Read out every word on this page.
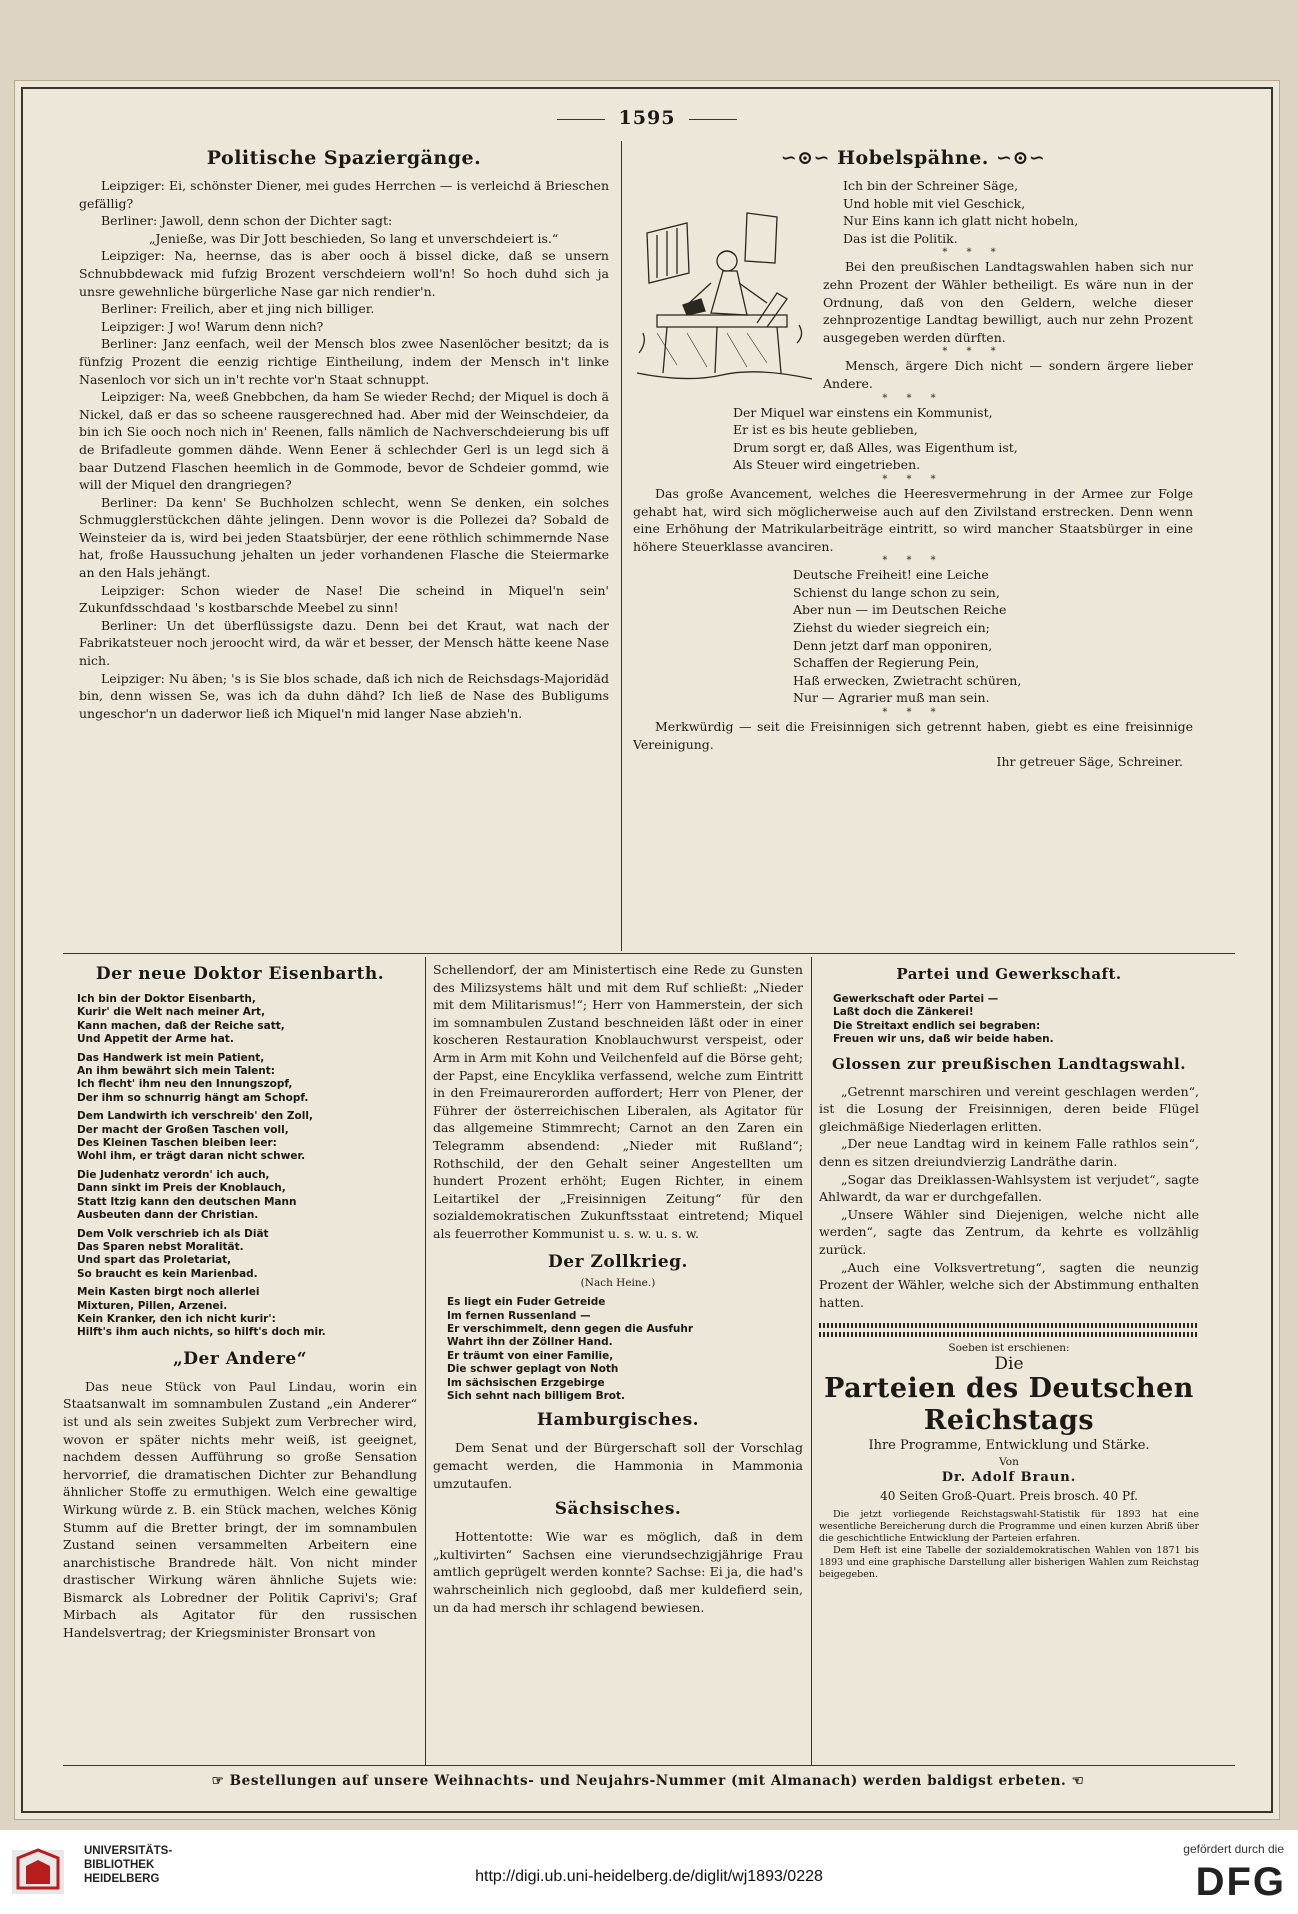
1595
Politische Spaziergänge.
Leipziger: Ei, schönster Diener, mei gudes Herrchen — is verleichd ä Brieschen gefällig?
Berliner: Jawoll, denn schon der Dichter sagt:
„Jenieße, was Dir Jott beschieden, So lang et unverschdeiert is.“
Leipziger: Na, heernse, das is aber ooch ä bissel dicke, daß se unsern Schnubbdewack mid fufzig Brozent verschdeiern woll'n! So hoch duhd sich ja unsre gewehnliche bürgerliche Nase gar nich rendier'n.
Berliner: Freilich, aber et jing nich billiger.
Leipziger: J wo! Warum denn nich?
Berliner: Janz eenfach, weil der Mensch blos zwee Nasenlöcher besitzt; da is fünfzig Prozent die eenzig richtige Eintheilung, indem der Mensch in't linke Nasenloch vor sich un in't rechte vor'n Staat schnuppt.
Leipziger: Na, weeß Gnebbchen, da ham Se wieder Rechd; der Miquel is doch ä Nickel, daß er das so scheene rausgerechned had. Aber mid der Weinschdeier, da bin ich Sie ooch noch nich in' Reenen, falls nämlich de Nachverschdeierung bis uff de Brifadleute gommen dähde. Wenn Eener ä schlechder Gerl is un legd sich ä baar Dutzend Flaschen heemlich in de Gommode, bevor de Schdeier gommd, wie will der Miquel den drangriegen?
Berliner: Da kenn' Se Buchholzen schlecht, wenn Se denken, ein solches Schmugglerstückchen dähte jelingen. Denn wovor is die Pollezei da? Sobald de Weinsteier da is, wird bei jeden Staatsbürjer, der eene röthlich schimmernde Nase hat, froße Haussuchung jehalten un jeder vorhandenen Flasche die Steiermarke an den Hals jehängt.
Leipziger: Schon wieder de Nase! Die scheind in Miquel'n sein' Zukunfdsschdaad 's kostbarschde Meebel zu sinn!
Berliner: Un det überflüssigste dazu. Denn bei det Kraut, wat nach der Fabrikatsteuer noch jeroocht wird, da wär et besser, der Mensch hätte keene Nase nich.
Leipziger: Nu äben; 's is Sie blos schade, daß ich nich de Reichsdags-Majoridäd bin, denn wissen Se, was ich da duhn dähd? Ich ließ de Nase des Bubligums ungeschor'n un daderwor ließ ich Miquel'n mid langer Nase abzieh'n.
∽⊙∽ Hobelspähne. ∽⊙∽
Ich bin der Schreiner Säge,
Und hoble mit viel Geschick,
Nur Eins kann ich glatt nicht hobeln,
Das ist die Politik.
* * *
Bei den preußischen Landtagswahlen haben sich nur zehn Prozent der Wähler betheiligt. Es wäre nun in der Ordnung, daß von den Geldern, welche dieser zehnprozentige Landtag bewilligt, auch nur zehn Prozent ausgegeben werden dürften.
* * *
Mensch, ärgere Dich nicht — sondern ärgere lieber Andere.
* * *
Der Miquel war einstens ein Kommunist,
Er ist es bis heute geblieben,
Drum sorgt er, daß Alles, was Eigenthum ist,
Als Steuer wird eingetrieben.
* * *
Das große Avancement, welches die Heeresvermehrung in der Armee zur Folge gehabt hat, wird sich möglicherweise auch auf den Zivilstand erstrecken. Denn wenn eine Erhöhung der Matrikularbeiträge eintritt, so wird mancher Staatsbürger in eine höhere Steuerklasse avanciren.
* * *
Deutsche Freiheit! eine Leiche
Schienst du lange schon zu sein,
Aber nun — im Deutschen Reiche
Ziehst du wieder siegreich ein;
Denn jetzt darf man opponiren,
Schaffen der Regierung Pein,
Haß erwecken, Zwietracht schüren,
Nur — Agrarier muß man sein.
* * *
Merkwürdig — seit die Freisinnigen sich getrennt haben, giebt es eine freisinnige Vereinigung.
Ihr getreuer Säge, Schreiner.
Der neue Doktor Eisenbarth.
Ich bin der Doktor Eisenbarth,
Kurir' die Welt nach meiner Art,
Kann machen, daß der Reiche satt,
Und Appetit der Arme hat.
Das Handwerk ist mein Patient,
An ihm bewährt sich mein Talent:
Ich flecht' ihm neu den Innungszopf,
Der ihm so schnurrig hängt am Schopf.
Dem Landwirth ich verschreib' den Zoll,
Der macht der Großen Taschen voll,
Des Kleinen Taschen bleiben leer:
Wohl ihm, er trägt daran nicht schwer.
Die Judenhatz verordn' ich auch,
Dann sinkt im Preis der Knoblauch,
Statt Itzig kann den deutschen Mann
Ausbeuten dann der Christian.
Dem Volk verschrieb ich als Diät
Das Sparen nebst Moralität.
Und spart das Proletariat,
So braucht es kein Marienbad.
Mein Kasten birgt noch allerlei
Mixturen, Pillen, Arzenei.
Kein Kranker, den ich nicht kurir':
Hilft's ihm auch nichts, so hilft's doch mir.
„Der Andere“
Das neue Stück von Paul Lindau, worin ein Staatsanwalt im somnambulen Zustand „ein Anderer“ ist und als sein zweites Subjekt zum Verbrecher wird, wovon er später nichts mehr weiß, ist geeignet, nachdem dessen Aufführung so große Sensation hervorrief, die dramatischen Dichter zur Behandlung ähnlicher Stoffe zu ermuthigen. Welch eine gewaltige Wirkung würde z. B. ein Stück machen, welches König Stumm auf die Bretter bringt, der im somnambulen Zustand seinen versammelten Arbeitern eine anarchistische Brandrede hält. Von nicht minder drastischer Wirkung wären ähnliche Sujets wie: Bismarck als Lobredner der Politik Caprivi's; Graf Mirbach als Agitator für den russischen Handelsvertrag; der Kriegsminister Bronsart von
Schellendorf, der am Ministertisch eine Rede zu Gunsten des Milizsystems hält und mit dem Ruf schließt: „Nieder mit dem Militarismus!“; Herr von Hammerstein, der sich im somnambulen Zustand beschneiden läßt oder in einer koscheren Restauration Knoblauchwurst verspeist, oder Arm in Arm mit Kohn und Veilchenfeld auf die Börse geht; der Papst, eine Encyklika verfassend, welche zum Eintritt in den Freimaurerorden auffordert; Herr von Plener, der Führer der österreichischen Liberalen, als Agitator für das allgemeine Stimmrecht; Carnot an den Zaren ein Telegramm absendend: „Nieder mit Rußland“; Rothschild, der den Gehalt seiner Angestellten um hundert Prozent erhöht; Eugen Richter, in einem Leitartikel der „Freisinnigen Zeitung“ für den sozialdemokratischen Zukunftsstaat eintretend; Miquel als feuerrother Kommunist u. s. w. u. s. w.
Der Zollkrieg.
(Nach Heine.)
Es liegt ein Fuder Getreide
Im fernen Russenland —
Er verschimmelt, denn gegen die Ausfuhr
Wahrt ihn der Zöllner Hand.
Er träumt von einer Familie,
Die schwer geplagt von Noth
Im sächsischen Erzgebirge
Sich sehnt nach billigem Brot.
Hamburgisches.
Dem Senat und der Bürgerschaft soll der Vorschlag gemacht werden, die Hammonia in Mammonia umzutaufen.
Sächsisches.
Hottentotte: Wie war es möglich, daß in dem „kultivirten“ Sachsen eine vierundsechzigjährige Frau amtlich geprügelt werden konnte? Sachse: Ei ja, die had's wahrscheinlich nich gegloobd, daß mer kuldefierd sein, un da had mersch ihr schlagend bewiesen.
Partei und Gewerkschaft.
Gewerkschaft oder Partei —
Laßt doch die Zänkerei!
Die Streitaxt endlich sei begraben:
Freuen wir uns, daß wir beide haben.
Glossen zur preußischen Landtagswahl.
„Getrennt marschiren und vereint geschlagen werden“, ist die Losung der Freisinnigen, deren beide Flügel gleichmäßige Niederlagen erlitten.
„Der neue Landtag wird in keinem Falle rathlos sein“, denn es sitzen dreiundvierzig Landräthe darin.
„Sogar das Dreiklassen-Wahlsystem ist verjudet“, sagte Ahlwardt, da war er durchgefallen.
„Unsere Wähler sind Diejenigen, welche nicht alle werden“, sagte das Zentrum, da kehrte es vollzählig zurück.
„Auch eine Volksvertretung“, sagten die neunzig Prozent der Wähler, welche sich der Abstimmung enthalten hatten.
Soeben ist erschienen:
Die
Parteien des Deutschen Reichstags
Ihre Programme, Entwicklung und Stärke.
Von
Dr. Adolf Braun.
40 Seiten Groß-Quart. Preis brosch. 40 Pf.
Die jetzt vorliegende Reichstagswahl-Statistik für 1893 hat eine wesentliche Bereicherung durch die Programme und einen kurzen Abriß über die geschichtliche Entwicklung der Parteien erfahren.
Dem Heft ist eine Tabelle der sozialdemokratischen Wahlen von 1871 bis 1893 und eine graphische Darstellung aller bisherigen Wahlen zum Reichstag beigegeben.
☞ Bestellungen auf unsere Weihnachts- und Neujahrs-Nummer (mit Almanach) werden baldigst erbeten. ☜
UNIVERSITÄTS-
BIBLIOTHEK
HEIDELBERG	http://digi.ub.uni-heidelberg.de/diglit/wj1893/0228
gefördert durch die
DFG
